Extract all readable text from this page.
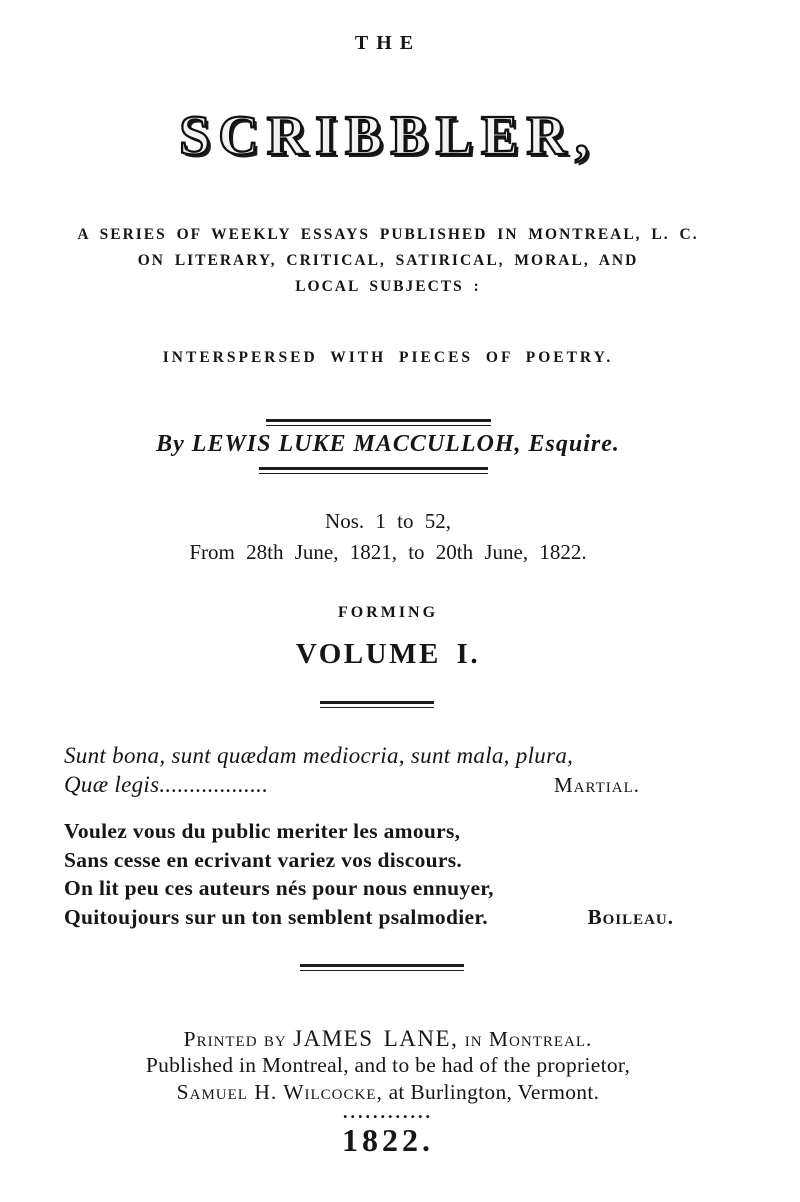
THE
SCRIBBLER,
A SERIES OF WEEKLY ESSAYS PUBLISHED IN MONTREAL, L. C.
ON LITERARY, CRITICAL, SATIRICAL, MORAL, AND
LOCAL SUBJECTS :
INTERSPERSED WITH PIECES OF POETRY.
By LEWIS LUKE MACCULLOH, Esquire.
Nos. 1 to 52,
From 28th June, 1821, to 20th June, 1822.
FORMING
VOLUME I.
Sunt bona, sunt quædam mediocria, sunt mala, plura,
Quæ legis..................	Martial.
Voulez vous du public meriter les amours,
Sans cesse en ecrivant variez vos discours.
On lit peu ces auteurs nés pour nous ennuyer,
Quitoujours sur un ton semblent psalmodier.	Boileau.
Printed by JAMES LANE, in Montreal.
Published in Montreal, and to be had of the proprietor,
Samuel H. Wilcocke, at Burlington, Vermont.
............
1822.
